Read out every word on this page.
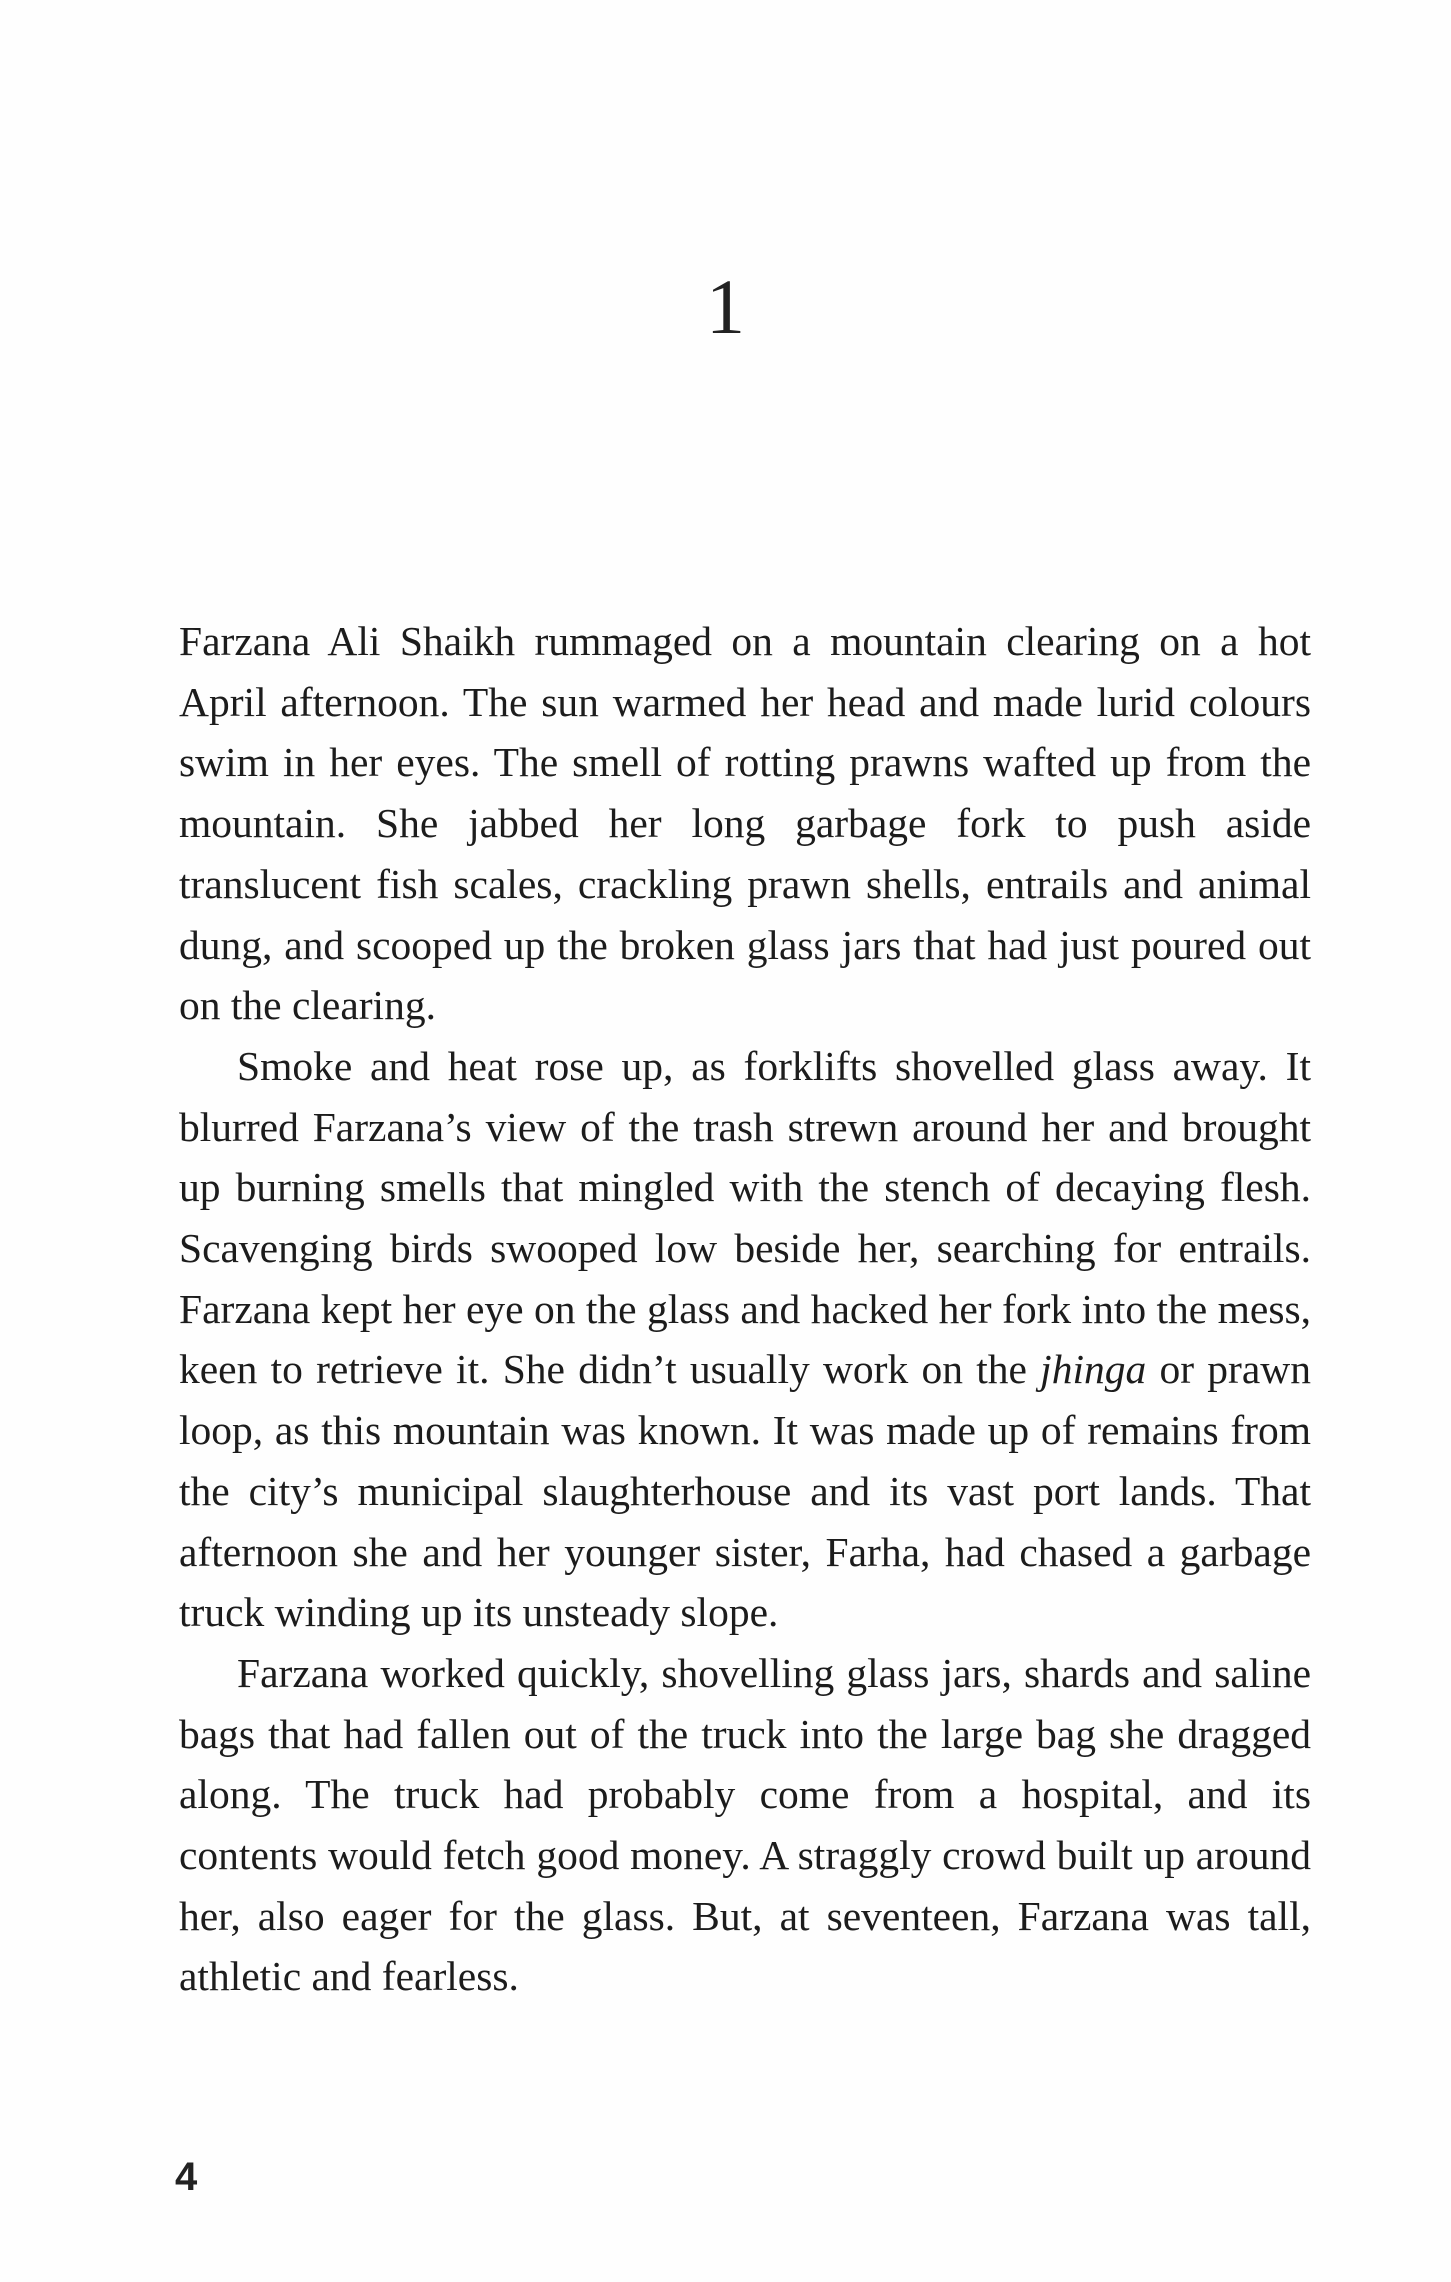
1

Farzana Ali Shaikh rummaged on a mountain clearing on a hot April afternoon. The sun warmed her head and made lurid colours swim in her eyes. The smell of rotting prawns wafted up from the mountain. She jabbed her long garbage fork to push aside translucent fish scales, crackling prawn shells, entrails and animal dung, and scooped up the broken glass jars that had just poured out on the clearing.

Smoke and heat rose up, as forklifts shovelled glass away. It blurred Farzana’s view of the trash strewn around her and brought up burning smells that mingled with the stench of decaying flesh. Scavenging birds swooped low beside her, searching for entrails. Farzana kept her eye on the glass and hacked her fork into the mess, keen to retrieve it. She didn’t usually work on the jhinga or prawn loop, as this mountain was known. It was made up of remains from the city’s municipal slaughterhouse and its vast port lands. That afternoon she and her younger sister, Farha, had chased a garbage truck winding up its unsteady slope.

Farzana worked quickly, shovelling glass jars, shards and saline bags that had fallen out of the truck into the large bag she dragged along. The truck had probably come from a hospital, and its contents would fetch good money. A straggly crowd built up around her, also eager for the glass. But, at seventeen, Farzana was tall, athletic and fearless.

4
